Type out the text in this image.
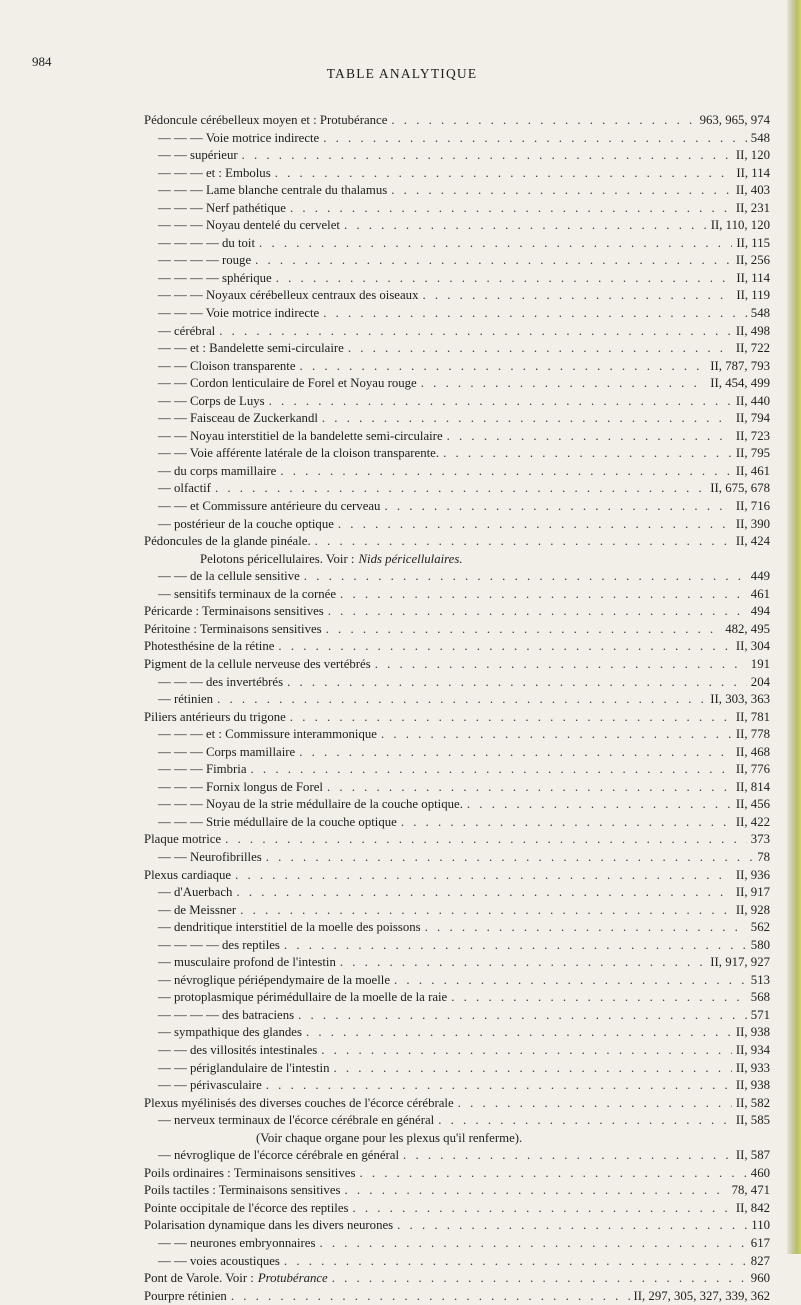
984
TABLE ANALYTIQUE
Pédoncule cérébelleux moyen et : Protubérance . . .	963, 965, 974
— — — Voie motrice indirecte . . .	548
— — supérieur . . .	II, 120
— — — et : Embolus . . .	II, 114
— — — Lame blanche centrale du thalamus . . .	II, 403
— — — Nerf pathétique . . .	II, 231
— — — Noyau dentelé du cervelet . . .	II, 110, 120
— — — — du toit . . .	II, 115
— — — — rouge . . .	II, 256
— — — — sphérique . . .	II, 114
— — — Noyaux cérébelleux centraux des oiseaux . . .	II, 119
— — — Voie motrice indirecte . . .	548
— cérébral . . .	II, 498
— — et : Bandelette semi-circulaire . . .	II, 722
— — Cloison transparente . . .	II, 787, 793
— — Cordon lenticulaire de Forel et Noyau rouge . . .	II, 454, 499
— — Corps de Luys . . .	II, 440
— — Faisceau de Zuckerkandl . . .	II, 794
— — Noyau interstitiel de la bandelette semi-circulaire . . .	II, 723
— — Voie afférente latérale de la cloison transparente. . . .	II, 795
— du corps mamillaire . . .	II, 461
— olfactif . . .	II, 675, 678
— — et Commissure antérieure du cerveau . . .	II, 716
— postérieur de la couche optique . . .	II, 390
Pédoncules de la glande pinéale. . . .	II, 424
Pelotons péricellulaires. Voir : Nids péricellulaires.
— — de la cellule sensitive . . .	449
— sensitifs terminaux de la cornée . . .	461
Péricarde : Terminaisons sensitives . . .	494
Péritoine : Terminaisons sensitives . . .	482, 495
Photesthésine de la rétine . . .	II, 304
Pigment de la cellule nerveuse des vertébrés . . .	191
— — — des invertébrés . . .	204
— rétinien . . .	II, 303, 363
Piliers antérieurs du trigone . . .	II, 781
— — — et : Commissure interammonique . . .	II, 778
— — — Corps mamillaire . . .	II, 468
— — — Fimbria . . .	II, 776
— — — Fornix longus de Forel . . .	II, 814
— — — Noyau de la strie médullaire de la couche optique. . . .	II, 456
— — — Strie médullaire de la couche optique . . .	II, 422
Plaque motrice . . .	373
— — Neurofibrilles . . .	78
Plexus cardiaque . . .	II, 936
— d'Auerbach . . .	II, 917
— de Meissner . . .	II, 928
— dendritique interstitiel de la moelle des poissons . . .	562
— — — — des reptiles . . .	580
— musculaire profond de l'intestin . . .	II, 917, 927
— névroglique périépendymaire de la moelle . . .	513
— protoplasmique périmédullaire de la moelle de la raie . . .	568
— — — — des batraciens . . .	571
— sympathique des glandes . . .	II, 938
— — des villosités intestinales . . .	II, 934
— — périglandulaire de l'intestin . . .	II, 933
— — périvasculaire . . .	II, 938
Plexus myélinisés des diverses couches de l'écorce cérébrale . . .	II, 582
— nerveux terminaux de l'écorce cérébrale en général . . .	II, 585
(Voir chaque organe pour les plexus qu'il renferme).
— névroglique de l'écorce cérébrale en général . . .	II, 587
Poils ordinaires : Terminaisons sensitives . . .	460
Poils tactiles : Terminaisons sensitives . . .	78, 471
Pointe occipitale de l'écorce des reptiles . . .	II, 842
Polarisation dynamique dans les divers neurones . . .	110
— — neurones embryonnaires . . .	617
— — voies acoustiques . . .	827
Pont de Varole. Voir : Protubérance . . .	960
Pourpre rétinien . . .	II, 297, 305, 327, 339, 362
